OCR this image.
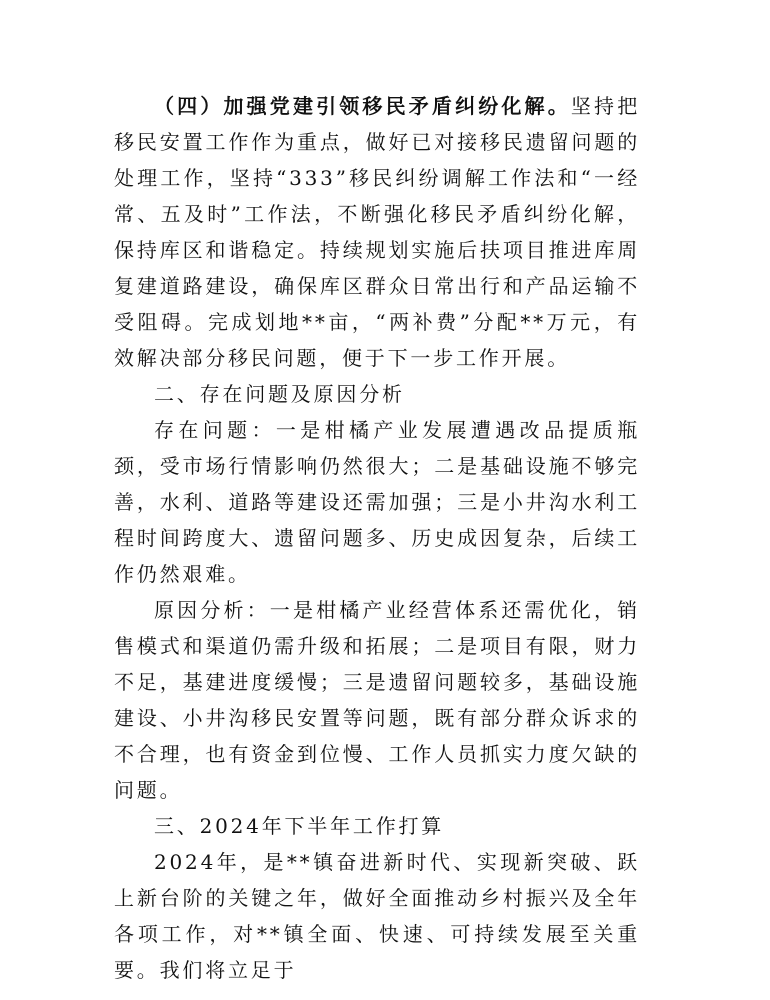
（四）加强党建引领移民矛盾纠纷化解。坚持把移民安置工作作为重点，做好已对接移民遗留问题的处理工作，坚持“333”移民纠纷调解工作法和“一经常、五及时”工作法，不断强化移民矛盾纠纷化解，保持库区和谐稳定。持续规划实施后扶项目推进库周复建道路建设，确保库区群众日常出行和产品运输不受阻碍。完成划地**亩，“两补费”分配**万元，有效解决部分移民问题，便于下一步工作开展。

二、存在问题及原因分析

存在问题：一是柑橘产业发展遭遇改品提质瓶颈，受市场行情影响仍然很大；二是基础设施不够完善，水利、道路等建设还需加强；三是小井沟水利工程时间跨度大、遗留问题多、历史成因复杂，后续工作仍然艰难。

原因分析：一是柑橘产业经营体系还需优化，销售模式和渠道仍需升级和拓展；二是项目有限，财力不足，基建进度缓慢；三是遗留问题较多，基础设施建设、小井沟移民安置等问题，既有部分群众诉求的不合理，也有资金到位慢、工作人员抓实力度欠缺的问题。

三、2024年下半年工作打算

2024年，是**镇奋进新时代、实现新突破、跃上新台阶的关键之年，做好全面推动乡村振兴及全年各项工作，对**镇全面、快速、可持续发展至关重要。我们将立足于
